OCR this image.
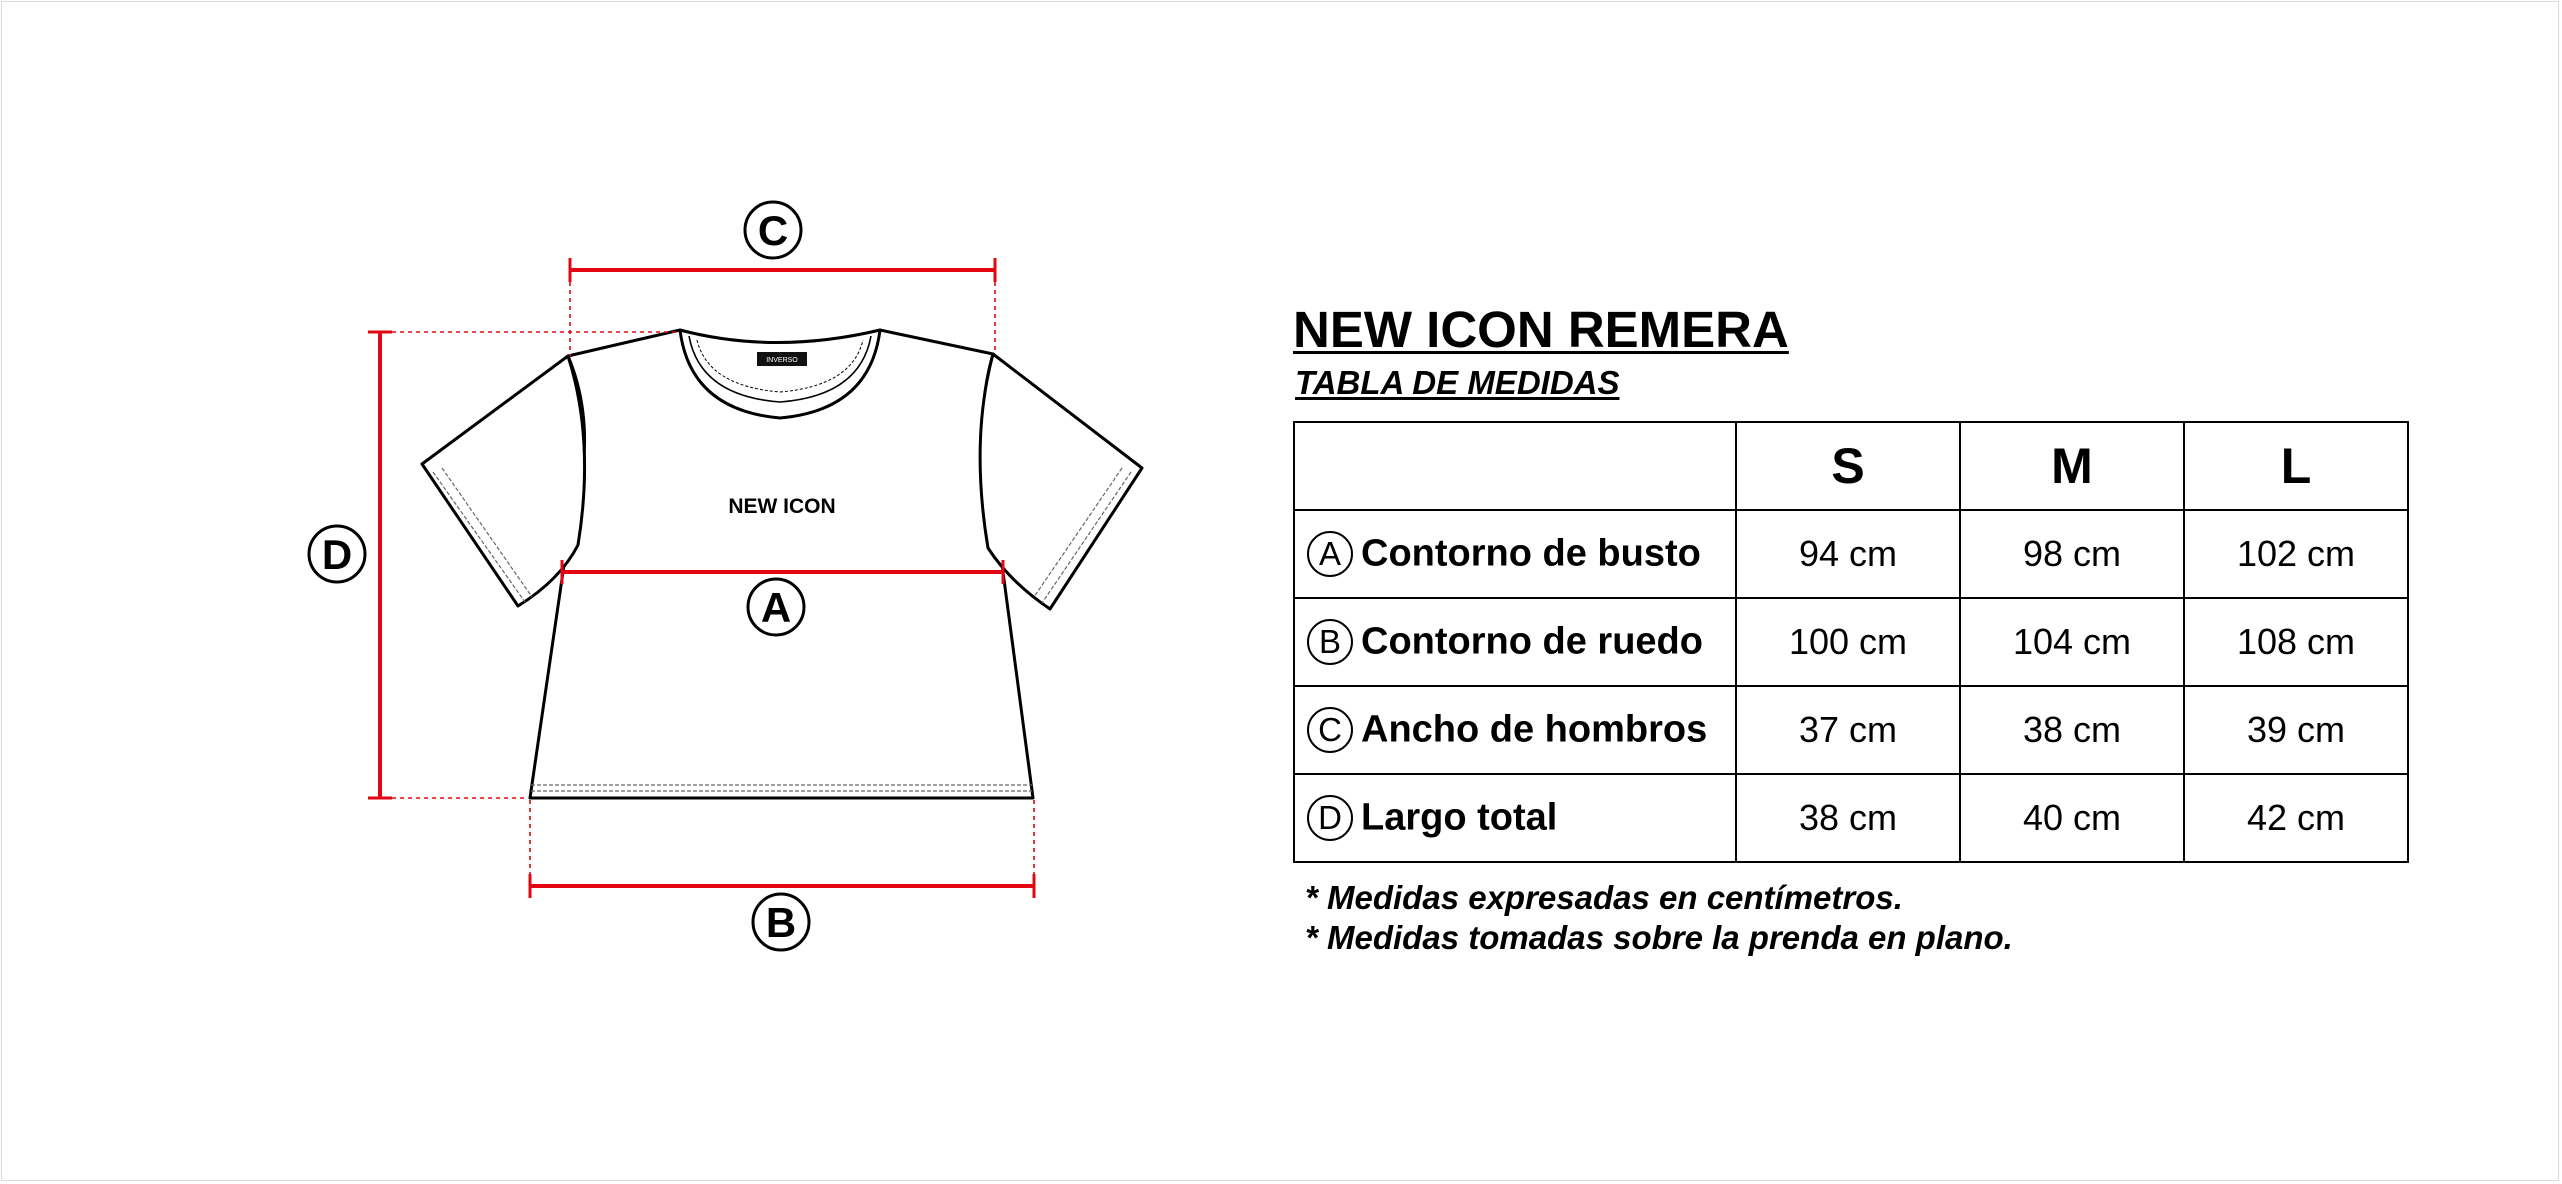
INVERSO
NEW ICON
C
A
B
D
NEW ICON REMERA
TABLA DE MEDIDAS
	S	M	L
A Contorno de busto	94 cm	98 cm	102 cm
B Contorno de ruedo	100 cm	104 cm	108 cm
C Ancho de hombros	37 cm	38 cm	39 cm
D Largo total	38 cm	40 cm	42 cm
* Medidas expresadas en centímetros.
* Medidas tomadas sobre la prenda en plano.
